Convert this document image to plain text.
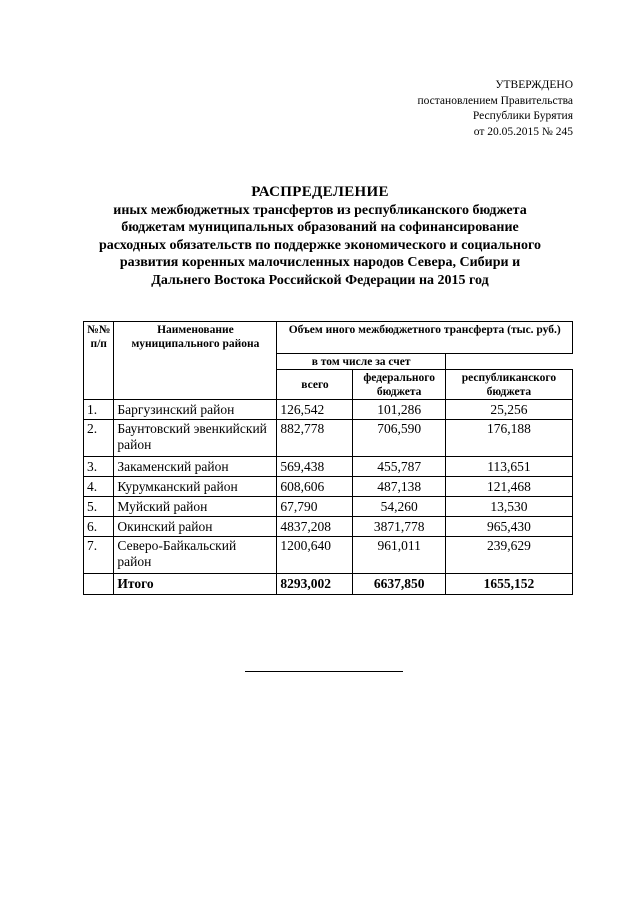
УТВЕРЖДЕНО
постановлением Правительства
Республики Бурятия
от 20.05.2015 № 245
РАСПРЕДЕЛЕНИЕ
иных межбюджетных трансфертов из республиканского бюджета
бюджетам муниципальных образований на софинансирование
расходных обязательств по поддержке экономического и социального
развития коренных малочисленных народов Севера, Сибири и
Дальнего Востока Российской Федерации на 2015 год
№№ п/п	Наименование муниципального района	Объем иного межбюджетного трансферта (тыс. руб.)		
		в том числе за счет		
		всего	федерального бюджета	республиканского бюджета
1.	Баргузинский район	126,542	101,286	25,256
2.	Баунтовский эвенкийский район	882,778	706,590	176,188
3.	Закаменский район	569,438	455,787	113,651
4.	Курумканский район	608,606	487,138	121,468
5.	Муйский район	67,790	54,260	13,530
6.	Окинский район	4837,208	3871,778	965,430
7.	Северо-Байкальский район	1200,640	961,011	239,629
	Итого	8293,002	6637,850	1655,152
